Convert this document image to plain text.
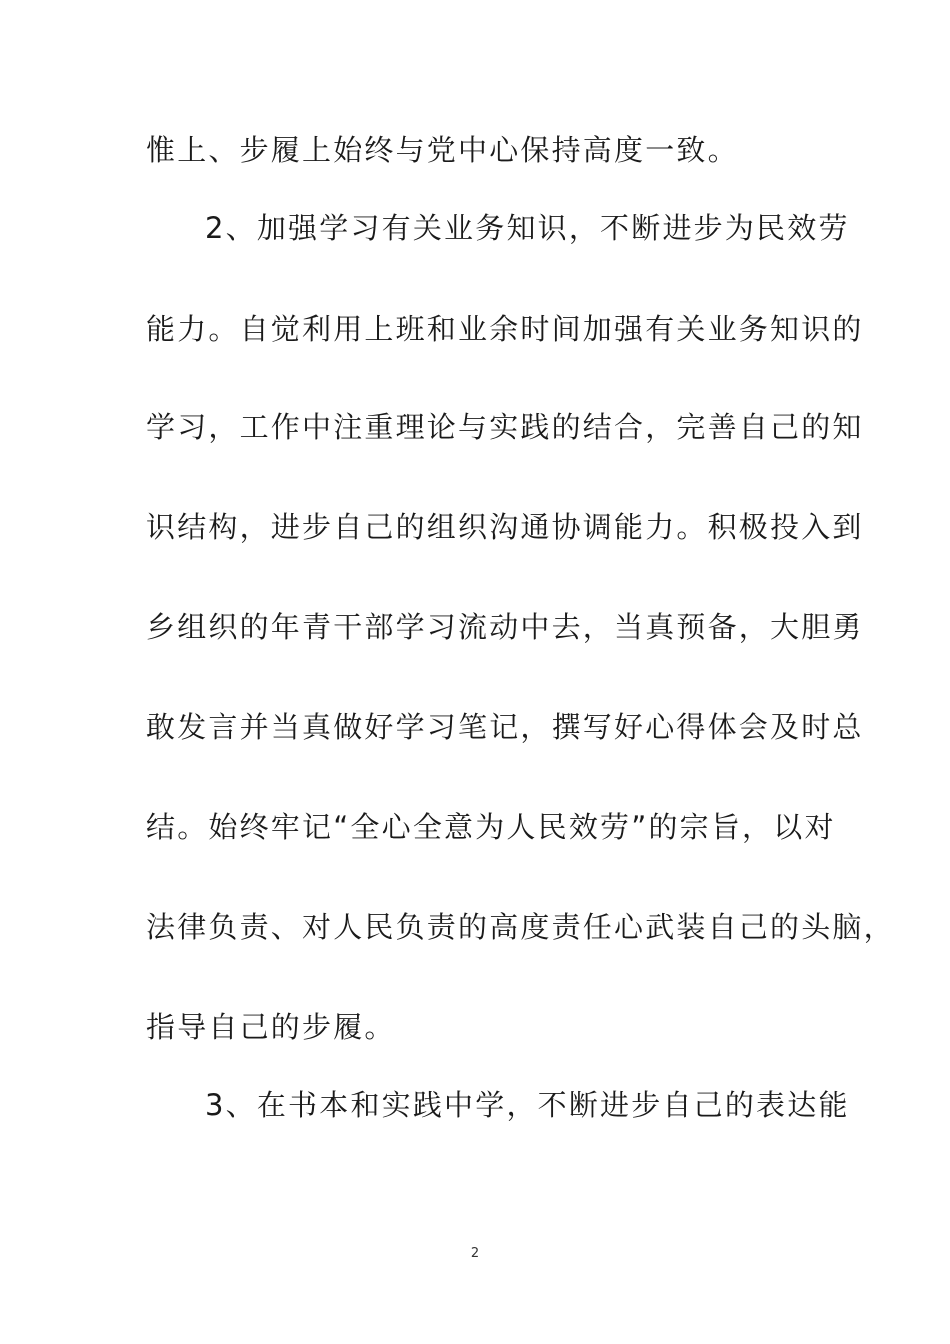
惟上、步履上始终与党中心保持高度一致。
2、加强学习有关业务知识，不断进步为民效劳
能力。自觉利用上班和业余时间加强有关业务知识的
学习，工作中注重理论与实践的结合，完善自己的知
识结构，进步自己的组织沟通协调能力。积极投入到
乡组织的年青干部学习流动中去，当真预备，大胆勇
敢发言并当真做好学习笔记，撰写好心得体会及时总
结。始终牢记“全心全意为人民效劳”的宗旨，以对
法律负责、对人民负责的高度责任心武装自己的头脑，
指导自己的步履。
3、在书本和实践中学，不断进步自己的表达能
2
